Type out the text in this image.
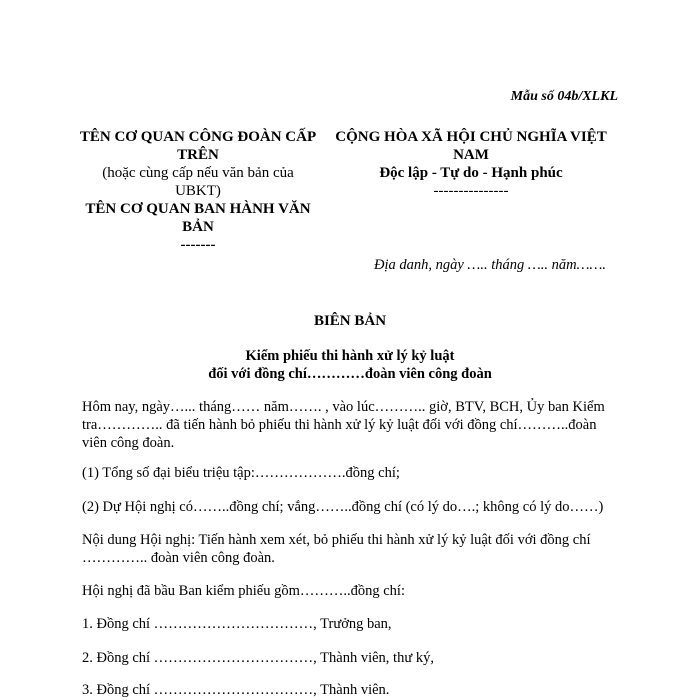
Mẫu số 04b/XLKL
TÊN CƠ QUAN CÔNG ĐOÀN CẤP TRÊN
(hoặc cùng cấp nếu văn bản của UBKT)
TÊN CƠ QUAN BAN HÀNH VĂN BẢN
-------
CỘNG HÒA XÃ HỘI CHỦ NGHĨA VIỆT NAM
Độc lập - Tự do - Hạnh phúc
---------------
Địa danh, ngày ….. tháng ….. năm…….
BIÊN BẢN
Kiểm phiếu thi hành xử lý kỷ luật
đối với đồng chí…………đoàn viên công đoàn
Hôm nay, ngày…... tháng…… năm……. , vào lúc……….. giờ, BTV, BCH, Ủy ban Kiểm tra………….. đã tiến hành bỏ phiếu thi hành xử lý kỷ luật đối với đồng chí………..đoàn viên công đoàn.
(1) Tổng số đại biểu triệu tập:……………….đồng chí;
(2) Dự Hội nghị có……..đồng chí; vắng……..đồng chí (có lý do….; không có lý do……)
Nội dung Hội nghị: Tiến hành xem xét, bỏ phiếu thi hành xử lý kỷ luật đối với đồng chí ………….. đoàn viên công đoàn.
Hội nghị đã bầu Ban kiểm phiếu gồm………..đồng chí:
1. Đồng chí ……………………………, Trưởng ban,
2. Đồng chí ……………………………, Thành viên, thư ký,
3. Đồng chí ……………………………, Thành viên.
